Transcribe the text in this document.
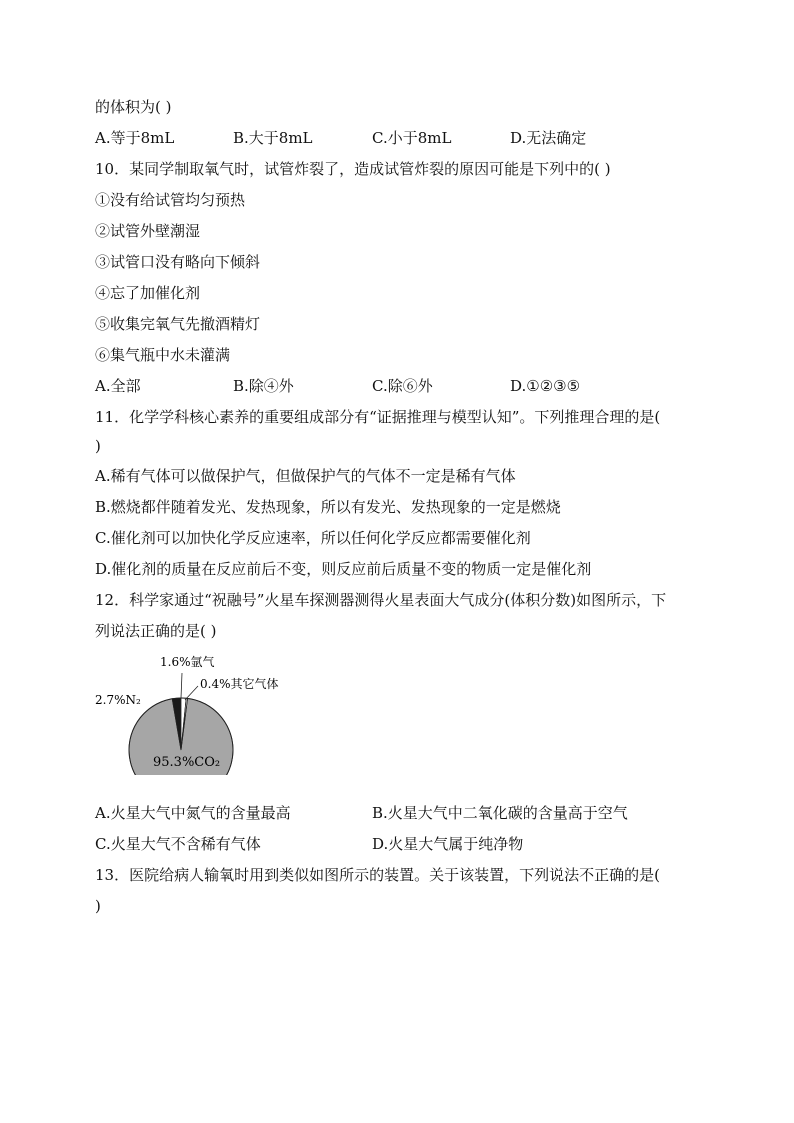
的体积为( )
A.等于8mL	B.大于8mL	C.小于8mL	D.无法确定
10．某同学制取氧气时，试管炸裂了，造成试管炸裂的原因可能是下列中的( )
①没有给试管均匀预热
②试管外壁潮湿
③试管口没有略向下倾斜
④忘了加催化剂
⑤收集完氧气先撤酒精灯
⑥集气瓶中水未灌满
A.全部	B.除④外	C.除⑥外	D.①②③⑤
11．化学学科核心素养的重要组成部分有“证据推理与模型认知”。下列推理合理的是(
)
A.稀有气体可以做保护气，但做保护气的气体不一定是稀有气体
B.燃烧都伴随着发光、发热现象，所以有发光、发热现象的一定是燃烧
C.催化剂可以加快化学反应速率，所以任何化学反应都需要催化剂
D.催化剂的质量在反应前后不变，则反应前后质量不变的物质一定是催化剂
12．科学家通过“祝融号”火星车探测器测得火星表面大气成分(体积分数)如图所示，下
列说法正确的是( )
1.6%氩气
0.4%其它气体
2.7%N₂
95.3%CO₂
A.火星大气中氮气的含量最高	B.火星大气中二氧化碳的含量高于空气
C.火星大气不含稀有气体	D.火星大气属于纯净物
13．医院给病人输氧时用到类似如图所示的装置。关于该装置，下列说法不正确的是(
)
